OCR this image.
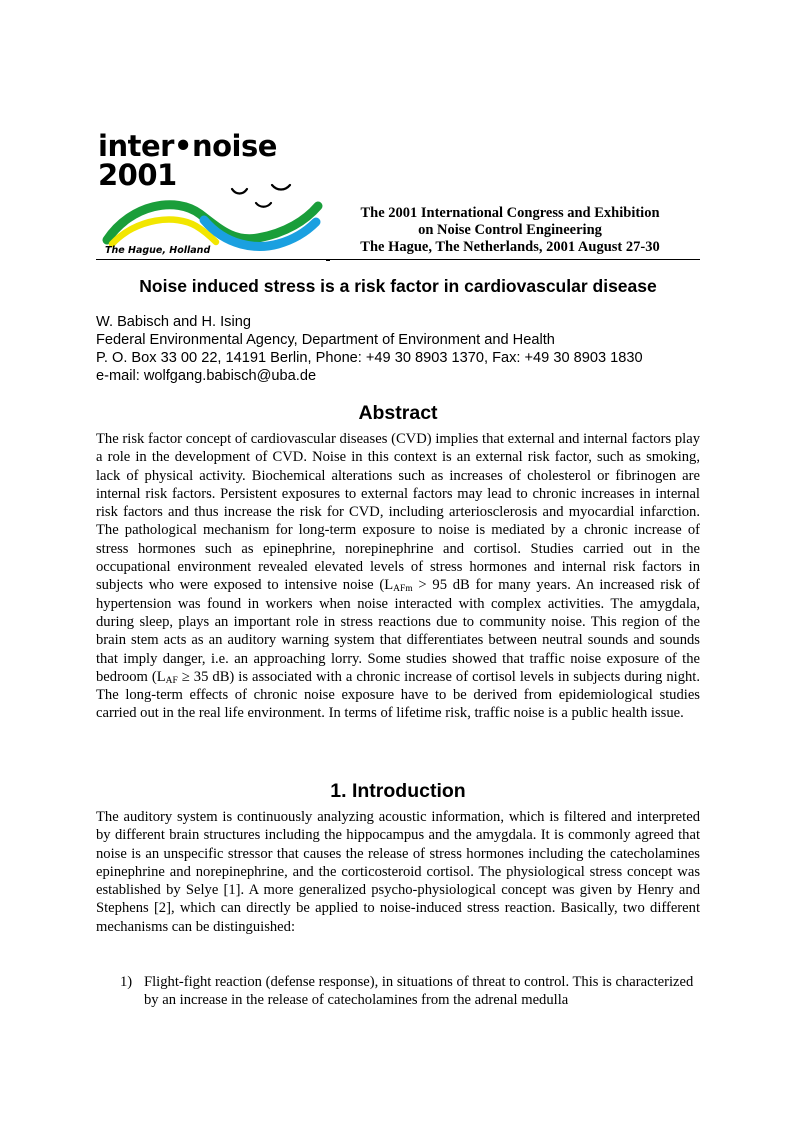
inter•noise 2001
The Hague, Holland
The 2001 International Congress and Exhibition
on Noise Control Engineering
The Hague, The Netherlands, 2001 August 27-30
Noise induced stress is a risk factor in cardiovascular disease
W. Babisch and H. Ising
Federal Environmental Agency, Department of Environment and Health
P. O. Box 33 00 22, 14191 Berlin, Phone: +49 30 8903 1370, Fax: +49 30 8903 1830
e-mail: wolfgang.babisch@uba.de
Abstract

The risk factor concept of cardiovascular diseases (CVD) implies that external and internal factors play a role in the development of CVD. Noise in this context is an external risk factor, such as smoking, lack of physical activity. Biochemical alterations such as increases of cholesterol or fibrinogen are internal risk factors. Persistent exposures to external factors may lead to chronic increases in internal risk factors and thus increase the risk for CVD, including arteriosclerosis and myocardial infarction. The pathological mechanism for long-term exposure to noise is mediated by a chronic increase of stress hormones such as epinephrine, norepinephrine and cortisol. Studies carried out in the occupational environment revealed elevated levels of stress hormones and internal risk factors in subjects who were exposed to intensive noise ($L_{AFm} > 95$ dB for many years. An increased risk of hypertension was found in workers when noise interacted with complex activities. The amygdala, during sleep, plays an important role in stress reactions due to community noise. This region of the brain stem acts as an auditory warning system that differentiates between neutral sounds and sounds that imply danger, i.e. an approaching lorry. Some studies showed that traffic noise exposure of the bedroom ($L_{AF} \ge 35$ dB) is associated with a chronic increase of cortisol levels in subjects during night. The long-term effects of chronic noise exposure have to be derived from epidemiological studies carried out in the real life environment. In terms of lifetime risk, traffic noise is a public health issue.

1. Introduction

The auditory system is continuously analyzing acoustic information, which is filtered and interpreted by different brain structures including the hippocampus and the amygdala. It is commonly agreed that noise is an unspecific stressor that causes the release of stress hormones including the catecholamines epinephrine and norepinephrine, and the corticosteroid cortisol. The physiological stress concept was established by Selye [1]. A more generalized psycho-physiological concept was given by Henry and Stephens [2], which can directly be applied to noise-induced stress reaction. Basically, two different mechanisms can be distinguished:

1) Flight-fight reaction (defense response), in situations of threat to control. This is characterized by an increase in the release of catecholamines from the adrenal medulla
